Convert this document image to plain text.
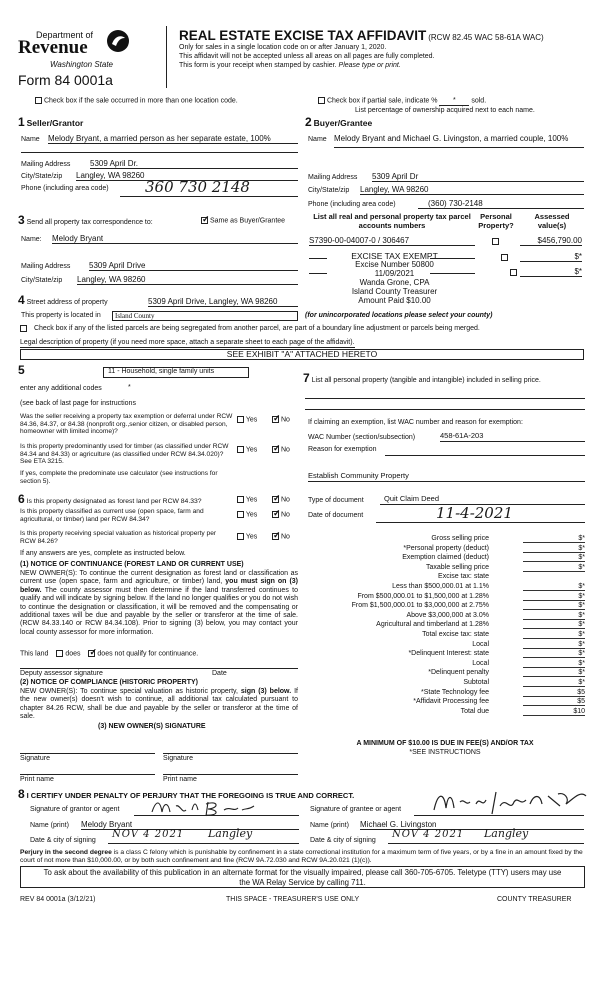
Department of
Revenue
Washington State
Form 84 0001a
REAL ESTATE EXCISE TAX AFFIDAVIT (RCW 82.45 WAC 58-61A WAC)
Only for sales in a single location code on or after January 1, 2020.
This affidavit will not be accepted unless all areas on all pages are fully completed.
This form is your receipt when stamped by cashier. Please type or print.
Check box if the sale occurred in more than one location code.	Check box if partial sale, indicate % * sold.
List percentage of ownership acquired next to each name.
1 Seller/Grantor
Name Melody Bryant, a married person as her separate estate, 100%
Mailing Address 5309 April Dr.
City/State/zip Langley, WA 98260
Phone (including area code)	360 730 2148
2 Buyer/Grantee
Name Melody Bryant and Michael G. Livingston, a married couple, 100%
Mailing Address 5309 April Dr
City/State/zip Langley, WA 98260
Phone (including area code)	(360) 730-2148
3 Send all property tax correspondence to: ✓	Same as Buyer/Grantee
Name: Melody Bryant
Mailing Address 5309 April Drive
City/State/zip Langley, WA 98260
List all real and personal property tax parcel accounts numbers
Personal Property?
Assessed value(s)
S7390-00-04007-0 / 306467
	$456,790.00
EXCISE TAX EXEMPT
Excise Number 50800
11/09/2021
Wanda Grone, CPA
Island County Treasurer
Amount Paid $10.00

$*
$*
4 Street address of property	5309 April Drive, Langley, WA 98260
This property is located in	Island County	(for unincorporated locations please select your county)
Check box if any of the listed parcels are being segregated from another parcel, are part of a boundary line adjustment or parcels being merged.
Legal description of property (if you need more space, attach a separate sheet to each page of the affidavit).
SEE EXHIBIT "A" ATTACHED HERETO
5	11 - Household, single family units
enter any additional codes	*
(see back of last page for instructions
Was the seller receiving a property tax exemption or deferral under RCW 84.36, 84.37, or 84.38 (nonprofit org.,senior citizen, or disabled person, homeowner with limited income)?
Yes ✓	No
Is this property predominantly used for timber (as classified under RCW 84.34 and 84.33) or agriculture (as classified under RCW 84.34.020)? See ETA 3215.
If yes, complete the predominate use calculator (see instructions for section 5).
Yes ✓	No
6 Is this property designated as forest land per RCW 84.33?	Yes ✓	No
Is this property classified as current use (open space, farm and agricultural, or timber) land per RCW 84.34?
Yes ✓	No
Is this property receiving special valuation as historical property per RCW 84.26?
Yes ✓	No
If any answers are yes, complete as instructed below.
(1) NOTICE OF CONTINUANCE (FOREST LAND OR CURRENT USE)
NEW OWNER(S): To continue the current designation as forest land or classification as current use (open space, farm and agriculture, or timber) land, you must sign on (3) below. The county assessor must then determine if the land transferred continues to qualify and will indicate by signing below. If the land no longer qualifies or you do not wish to continue the designation or classification, it will be removed and the compensating or additional taxes will be due and payable by the seller or transferor at the time of sale. (RCW 84.33.140 or RCW 84.34.108). Prior to signing (3) below, you may contact your local county assessor for more information.
This land does ✓ does not qualify for continuance.
Deputy assessor signature	Date
(2) NOTICE OF COMPLIANCE (HISTORIC PROPERTY)
NEW OWNER(S): To continue special valuation as historic property, sign (3) below. If the new owner(s) doesn't wish to continue, all additional tax calculated pursuant to chapter 84.26 RCW, shall be due and payable by the seller or transferor at the time of sale.
(3) NEW OWNER(S) SIGNATURE
Signature	Signature
Print name	Print name
7 List all personal property (tangible and intangible) included in selling price.
If claiming an exemption, list WAC number and reason for exemption:
WAC Number (section/subsection)	458-61A-203
Reason for exemption
Establish Community Property
Type of document	Quit Claim Deed
Date of document	11-4-2021
Gross selling price	$*
*Personal property (deduct)	$*
Exemption claimed (deduct)	$*
Taxable selling price	$*
Excise tax: state
Less than $500,000.01 at 1.1%	$*
From $500,000.01 to $1,500,000 at 1.28%	$*
From $1,500,000.01 to $3,000,000 at 2.75%	$*
Above $3,000,000 at 3.0%	$*
Agricultural and timberland at 1.28%	$*
Total excise tax: state	$*
Local	$*
*Delinquent Interest: state	$*
Local	$*
*Delinquent penalty	$*
Subtotal	$*
*State Technology fee	$5
*Affidavit Processing fee	$5
Total due	$10
A MINIMUM OF $10.00 IS DUE IN FEE(S) AND/OR TAX
*SEE INSTRUCTIONS
8 I CERTIFY UNDER PENALTY OF PERJURY THAT THE FOREGOING IS TRUE AND CORRECT.
Signature of grantor or agent
Name (print) Melody Bryant
Date & city of signing
NOV 4 2021 Langley
Signature of grantee or agent
Name (print) Michael G. Livingston
Date & city of signing
NOV 4 2021 Langley
Perjury in the second degree is a class C felony which is punishable by confinement in a state correctional institution for a maximum term of five years, or by a fine in an amount fixed by the court of not more than $10,000.00, or by both such confinement and fine (RCW 9A.72.030 and RCW 9A.20.021 (1)(c)).
To ask about the availability of this publication in an alternate format for the visually impaired, please call 360-705-6705. Teletype (TTY) users may use the WA Relay Service by calling 711.
REV 84 0001a (3/12/21)	THIS SPACE - TREASURER'S USE ONLY	COUNTY TREASURER
